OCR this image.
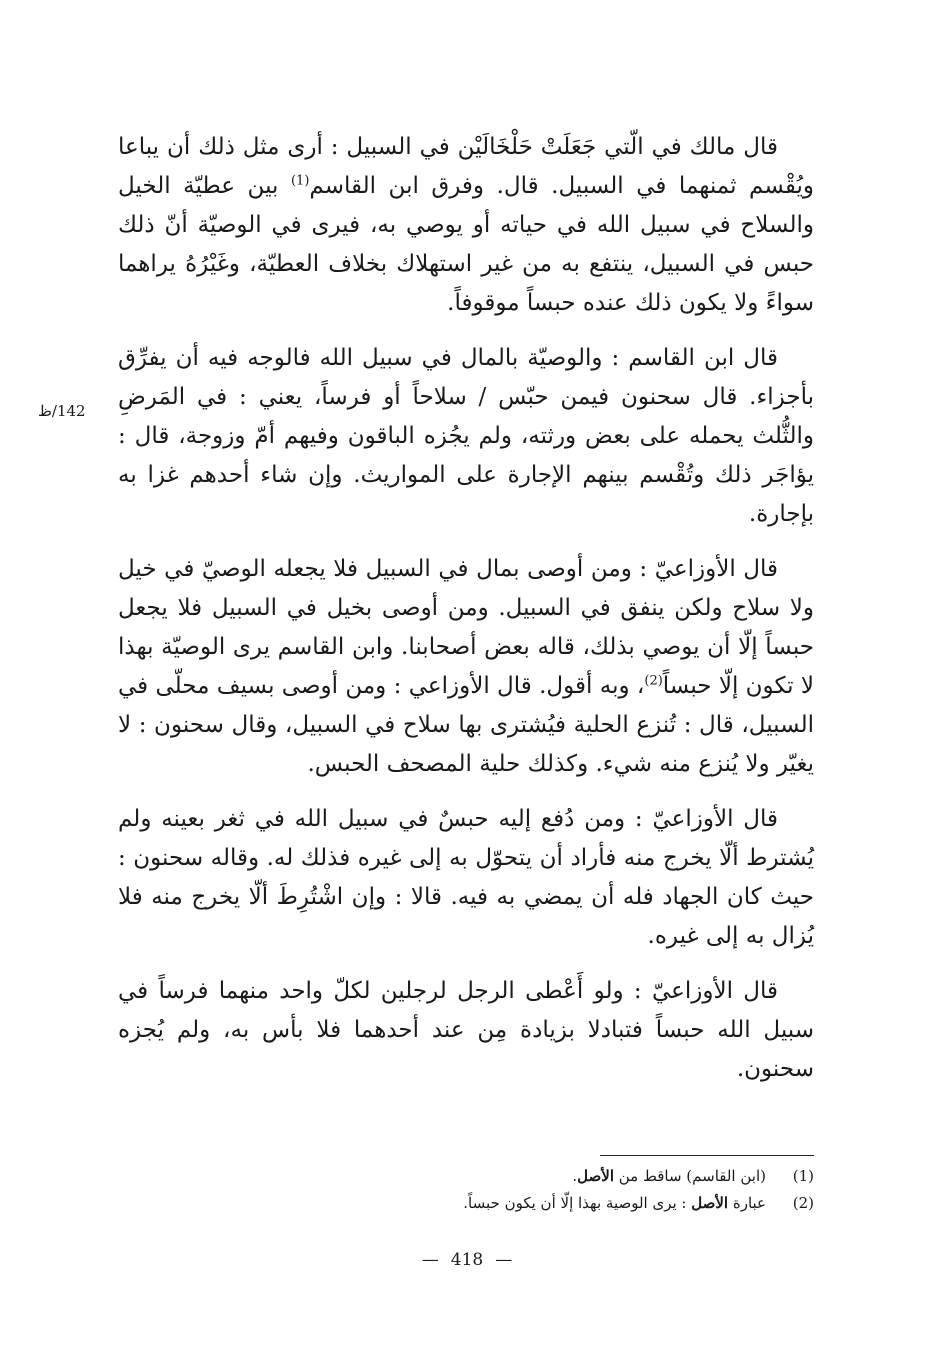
قال مالك في الّتي جَعَلَتْ حَلْخَالَيْن في السبيل : أرى مثل ذلك أن يباعا ويُقْسم ثمنهما في السبيل. قال. وفرق ابن القاسم$^{(1)}$ بين عطيّة الخيل والسلاح في سبيل الله في حياته أو يوصي به، فيرى في الوصيّة أنّ ذلك حبس في السبيل، ينتفع به من غير استهلاك بخلاف العطيّة، وغَيْرُهُ يراهما سواءً ولا يكون ذلك عنده حبساً موقوفاً.

قال ابن القاسم : والوصيّة بالمال في سبيل الله فالوجه فيه أن يفرِّق بأجزاء. قال سحنون فيمن حبّس / سلاحاً أو فرساً، يعني : في المَرضِ والثُّلث يحمله على بعض ورثته، ولم يجُزه الباقون وفيهم أمّ وزوجة، قال : يؤاجَر ذلك وتُقْسم بينهم الإجارة على المواريث. وإن شاء أحدهم غزا به بإجارة.

قال الأوزاعيّ : ومن أوصى بمال في السبيل فلا يجعله الوصيّ في خيل ولا سلاح ولكن ينفق في السبيل. ومن أوصى بخيل في السبيل فلا يجعل حبساً إلّا أن يوصي بذلك، قاله بعض أصحابنا. وابن القاسم يرى الوصيّة بهذا لا تكون إلّا حبساً$^{(2)}$، وبه أقول. قال الأوزاعي : ومن أوصى بسيف محلّى في السبيل، قال : تُنزع الحلية فيُشترى بها سلاح في السبيل، وقال سحنون : لا يغيّر ولا يُنزع منه شيء. وكذلك حلية المصحف الحبس.

قال الأوزاعيّ : ومن دُفع إليه حبسٌ في سبيل الله في ثغر بعينه ولم يُشترط ألّا يخرج منه فأراد أن يتحوّل به إلى غيره فذلك له. وقاله سحنون : حيث كان الجهاد فله أن يمضي به فيه. قالا : وإن اشْتُرِطَ ألّا يخرج منه فلا يُزال به إلى غيره.

قال الأوزاعيّ : ولو أَعْطى الرجل لرجلين لكلّ واحد منهما فرساً في سبيل الله حبساً فتبادلا بزيادة مِن عند أحدهما فلا بأس به، ولم يُجزه سحنون.

142/ظ
(1)
(ابن القاسم) ساقط من الأصل.
(2)
عبارة الأصل : يرى الوصية بهذا إلّا أن يكون حبساً.
— 418 —
